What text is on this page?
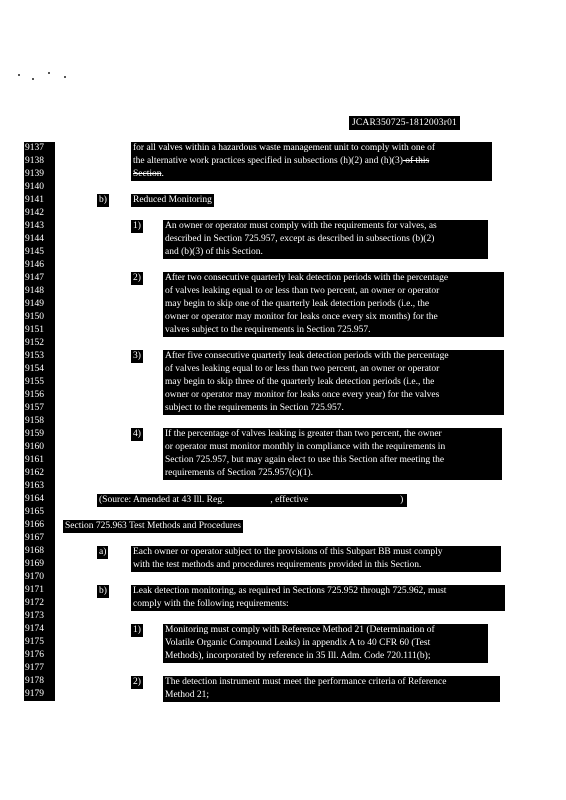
JCAR350725-1812003r01
9137
9138
9139
9140
9141
9142
9143
9144
9145
9146
9147
9148
9149
9150
9151
9152
9153
9154
9155
9156
9157
9158
9159
9160
9161
9162
9163
9164
9165
9166
9167
9168
9169
9170
9171
9172
9173
9174
9175
9176
9177
9178
9179
for all valves within a hazardous waste management unit to comply with one of
the alternative work practices specified in subsections (h)(2) and (h)(3) of this
Section.
b)	Reduced Monitoring
1)	An owner or operator must comply with the requirements for valves, as
described in Section 725.957, except as described in subsections (b)(2)
and (b)(3) of this Section.
2)	After two consecutive quarterly leak detection periods with the percentage
of valves leaking equal to or less than two percent, an owner or operator
may begin to skip one of the quarterly leak detection periods (i.e., the
owner or operator may monitor for leaks once every six months) for the
valves subject to the requirements in Section 725.957.
3)	After five consecutive quarterly leak detection periods with the percentage
of valves leaking equal to or less than two percent, an owner or operator
may begin to skip three of the quarterly leak detection periods (i.e., the
owner or operator may monitor for leaks once every year) for the valves
subject to the requirements in Section 725.957.
4)	If the percentage of valves leaking is greater than two percent, the owner
or operator must monitor monthly in compliance with the requirements in
Section 725.957, but may again elect to use this Section after meeting the
requirements of Section 725.957(c)(1).
(Source: Amended at 43 Ill. Reg.	, effective	)
Section 725.963 Test Methods and Procedures
a)	Each owner or operator subject to the provisions of this Subpart BB must comply
with the test methods and procedures requirements provided in this Section.
b)	Leak detection monitoring, as required in Sections 725.952 through 725.962, must
comply with the following requirements:
1)	Monitoring must comply with Reference Method 21 (Determination of
Volatile Organic Compound Leaks) in appendix A to 40 CFR 60 (Test
Methods), incorporated by reference in 35 Ill. Adm. Code 720.111(b);
2)	The detection instrument must meet the performance criteria of Reference
Method 21;
